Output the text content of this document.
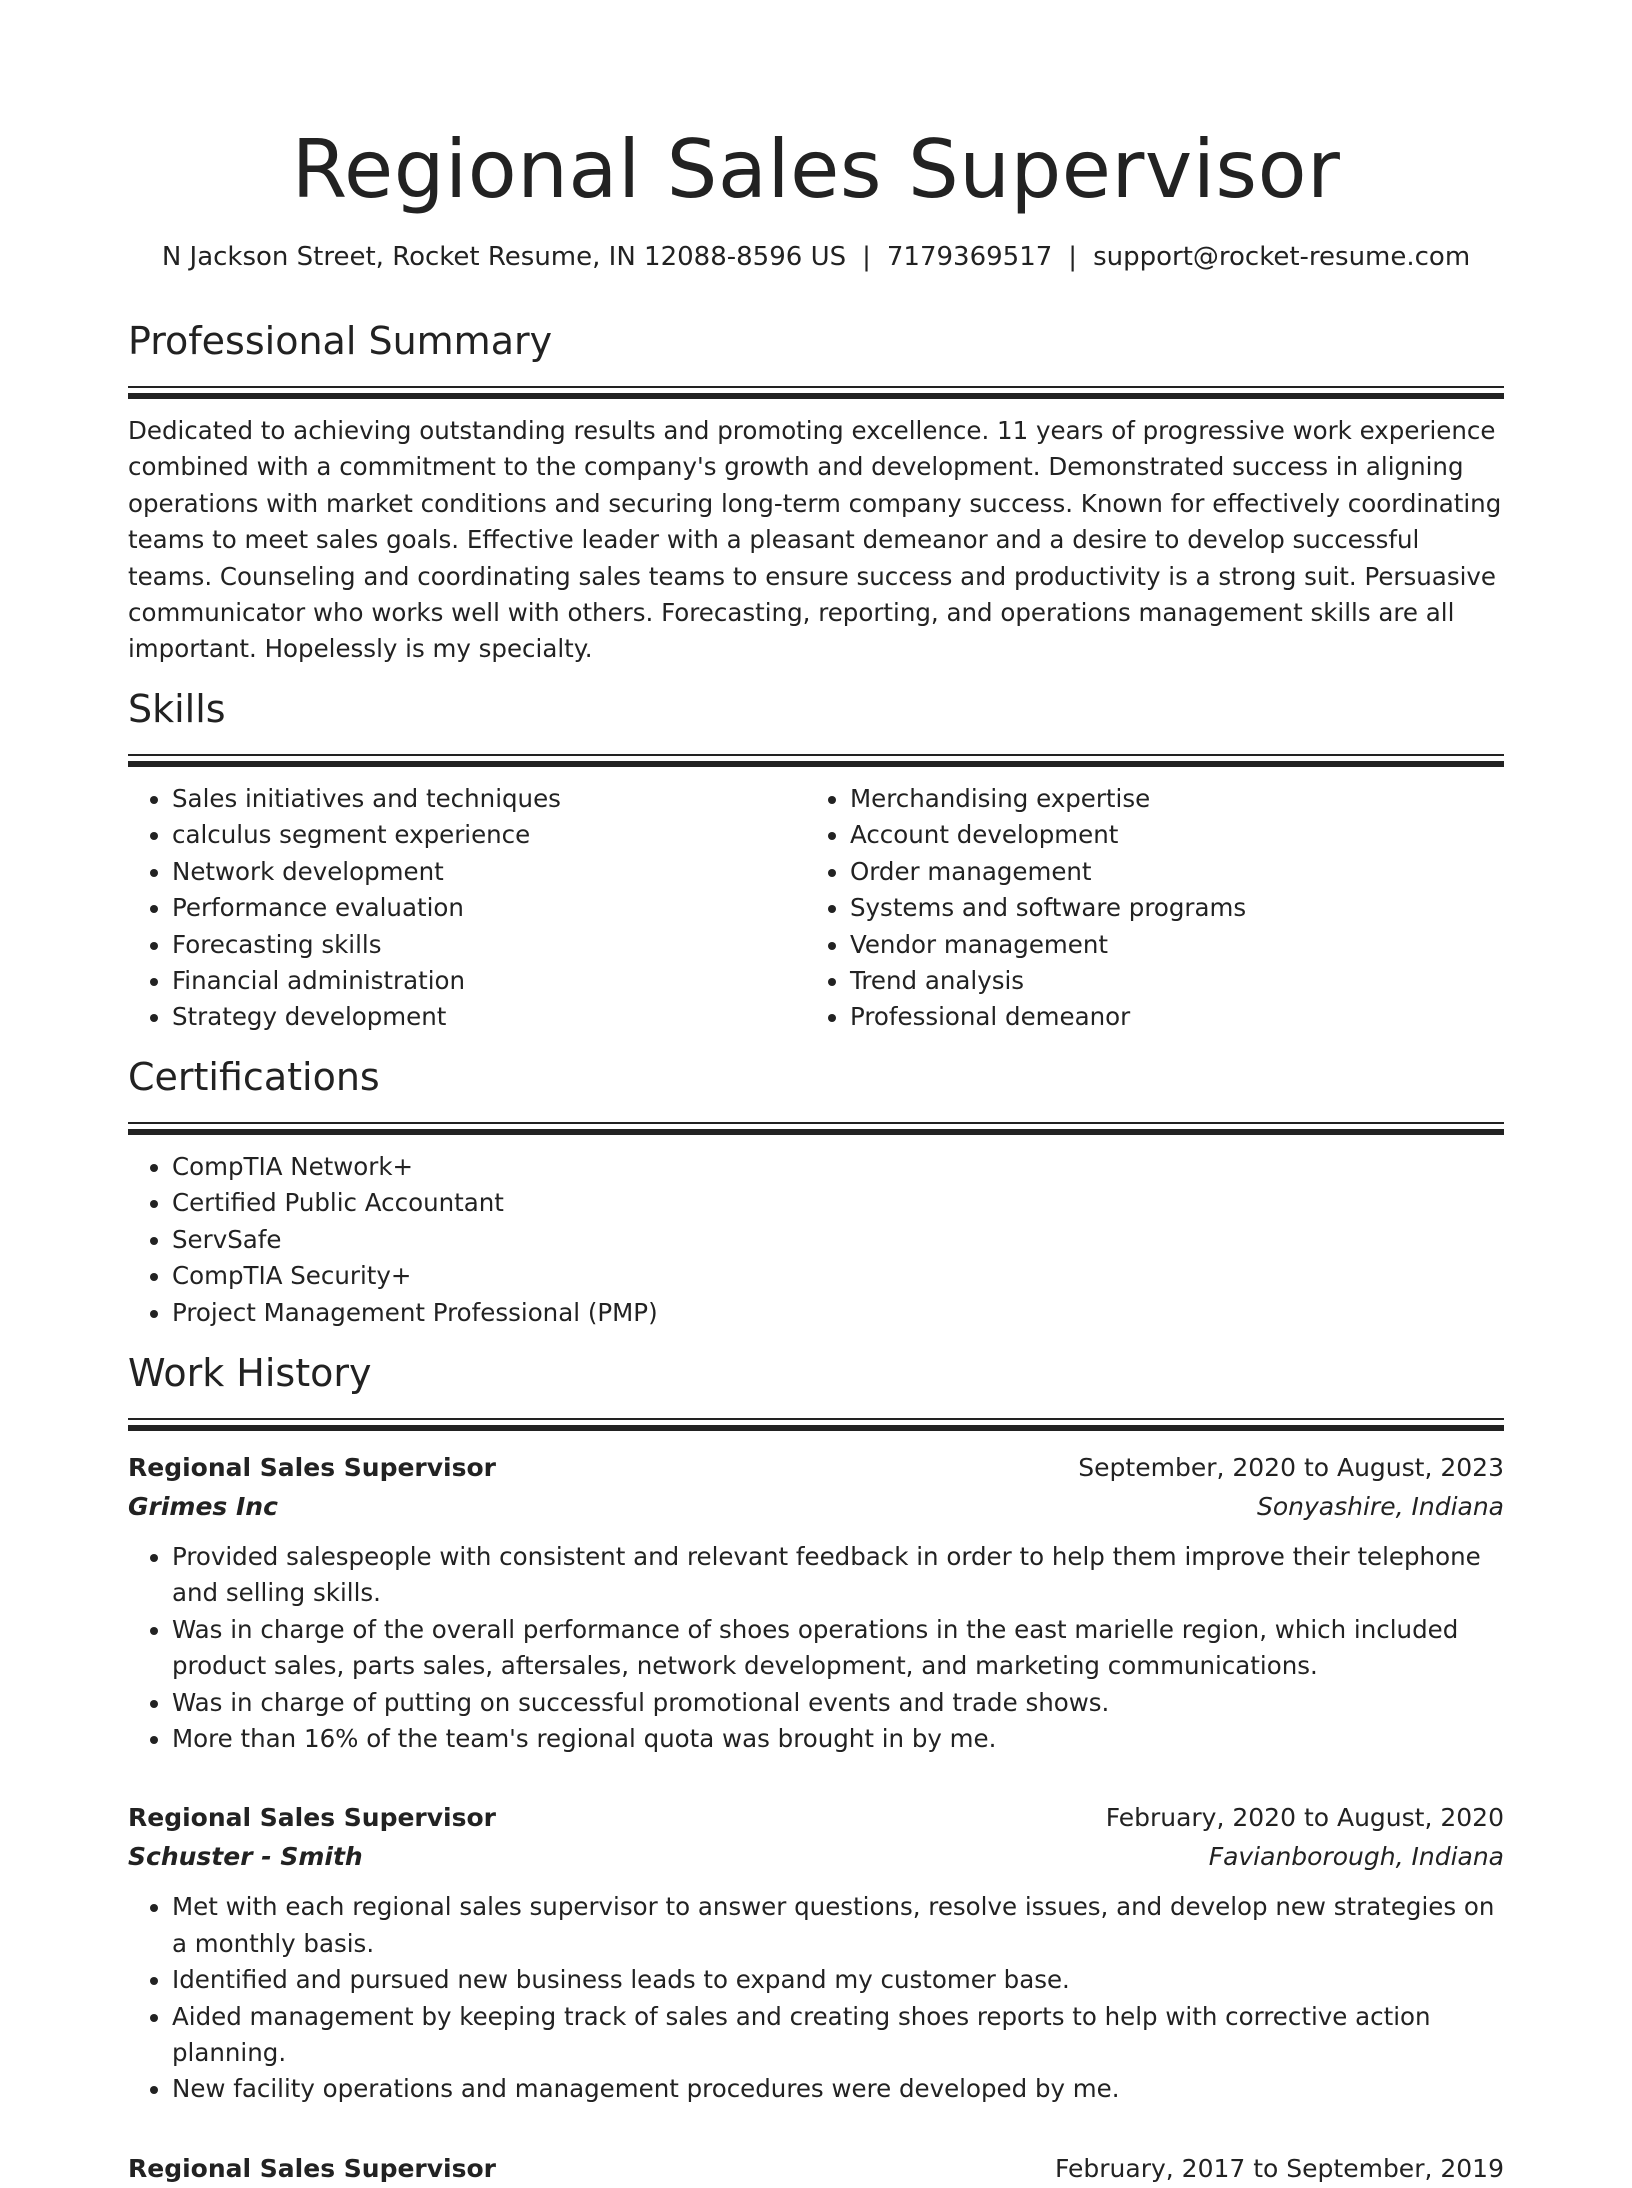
Regional Sales Supervisor
N Jackson Street, Rocket Resume, IN 12088-8596 US | 7179369517 | support@rocket-resume.com
Professional Summary

Dedicated to achieving outstanding results and promoting excellence. 11 years of progressive work experience combined with a commitment to the company's growth and development. Demonstrated success in aligning operations with market conditions and securing long-term company success. Known for effectively coordinating teams to meet sales goals. Effective leader with a pleasant demeanor and a desire to develop successful teams. Counseling and coordinating sales teams to ensure success and productivity is a strong suit. Persuasive communicator who works well with others. Forecasting, reporting, and operations management skills are all important. Hopelessly is my specialty.

Skills
• Sales initiatives and techniques
• calculus segment experience
• Network development
• Performance evaluation
• Forecasting skills
• Financial administration
• Strategy development
• Merchandising expertise
• Account development
• Order management
• Systems and software programs
• Vendor management
• Trend analysis
• Professional demeanor
Certifications
• CompTIA Network+
• Certified Public Accountant
• ServSafe
• CompTIA Security+
• Project Management Professional (PMP)
Work History
Regional Sales Supervisor	September, 2020 to August, 2023
Grimes Inc	Sonyashire, Indiana
• Provided salespeople with consistent and relevant feedback in order to help them improve their telephone and selling skills.
• Was in charge of the overall performance of shoes operations in the east marielle region, which included product sales, parts sales, aftersales, network development, and marketing communications.
• Was in charge of putting on successful promotional events and trade shows.
• More than 16% of the team's regional quota was brought in by me.
Regional Sales Supervisor	February, 2020 to August, 2020
Schuster - Smith	Favianborough, Indiana
• Met with each regional sales supervisor to answer questions, resolve issues, and develop new strategies on a monthly basis.
• Identified and pursued new business leads to expand my customer base.
• Aided management by keeping track of sales and creating shoes reports to help with corrective action planning.
• New facility operations and management procedures were developed by me.
Regional Sales Supervisor	February, 2017 to September, 2019
